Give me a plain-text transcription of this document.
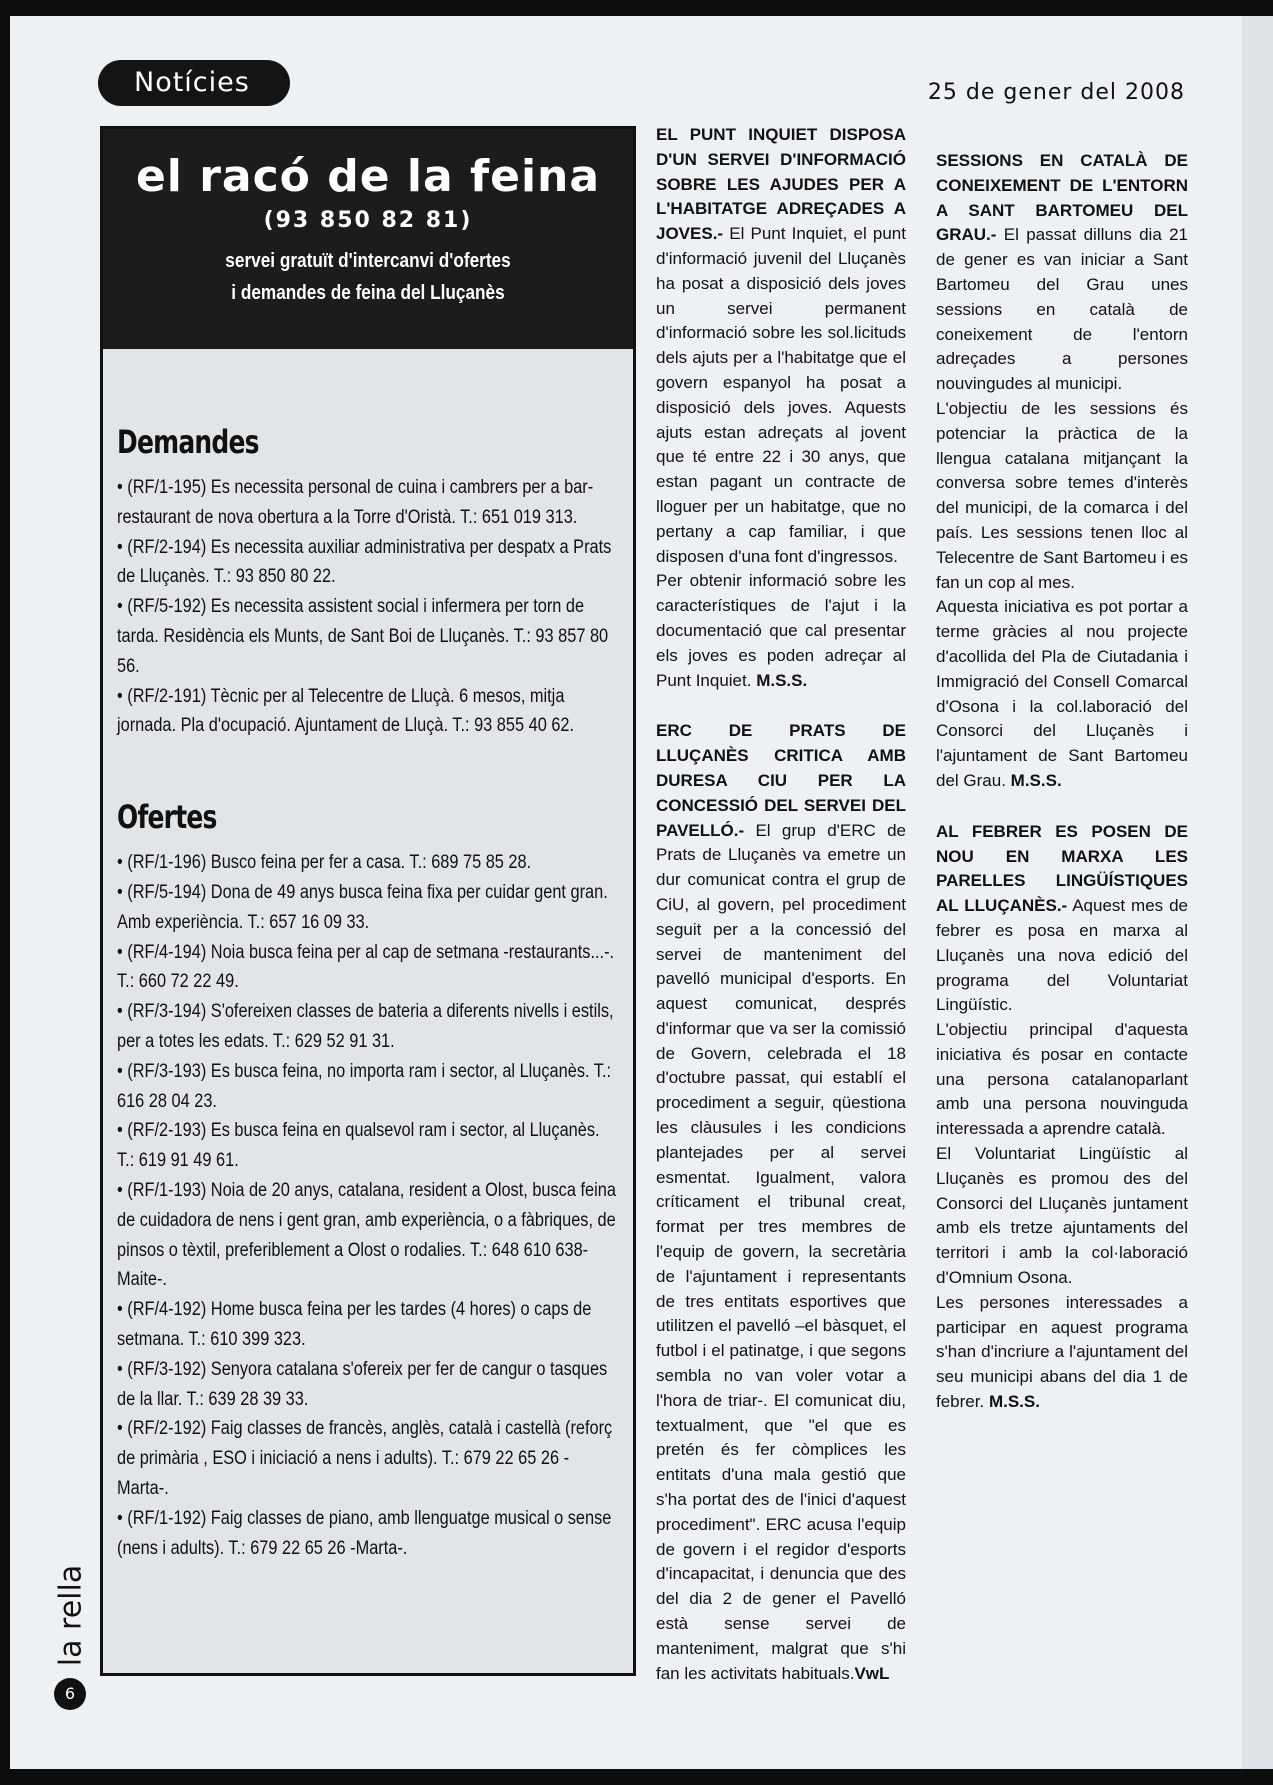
Notícies	25 de gener del 2008
el racó de la feina
(93 850 82 81)
servei gratuït d'intercanvi d'ofertes
i demandes de feina del Lluçanès
Demandes

• (RF/1-195) Es necessita personal de cuina i cambrers per a bar-restaurant de nova obertura a la Torre d'Oristà. T.: 651 019 313.

• (RF/2-194) Es necessita auxiliar administrativa per despatx a Prats de Lluçanès. T.: 93 850 80 22.

• (RF/5-192) Es necessita assistent social i infermera per torn de tarda. Residència els Munts, de Sant Boi de Lluçanès. T.: 93 857 80 56.

• (RF/2-191) Tècnic per al Telecentre de Lluçà. 6 mesos, mitja jornada. Pla d'ocupació. Ajuntament de Lluçà. T.: 93 855 40 62.

Ofertes

• (RF/1-196) Busco feina per fer a casa. T.: 689 75 85 28.

• (RF/5-194) Dona de 49 anys busca feina fixa per cuidar gent gran. Amb experiència. T.: 657 16 09 33.

• (RF/4-194) Noia busca feina per al cap de setmana -restaurants...-. T.: 660 72 22 49.

• (RF/3-194) S'ofereixen classes de bateria a diferents nivells i estils, per a totes les edats. T.: 629 52 91 31.

• (RF/3-193) Es busca feina, no importa ram i sector, al Lluçanès. T.: 616 28 04 23.

• (RF/2-193) Es busca feina en qualsevol ram i sector, al Lluçanès. T.: 619 91 49 61.

• (RF/1-193) Noia de 20 anys, catalana, resident a Olost, busca feina de cuidadora de nens i gent gran, amb experiència, o a fàbriques, de pinsos o tèxtil, preferiblement a Olost o rodalies. T.: 648 610 638-Maite-.

• (RF/4-192) Home busca feina per les tardes (4 hores) o caps de setmana. T.: 610 399 323.

• (RF/3-192) Senyora catalana s'ofereix per fer de cangur o tasques de la llar. T.: 639 28 39 33.

• (RF/2-192) Faig classes de francès, anglès, català i castellà (reforç de primària , ESO i iniciació a nens i adults). T.: 679 22 65 26 -Marta-.

• (RF/1-192) Faig classes de piano, amb llenguatge musical o sense (nens i adults). T.: 679 22 65 26 -Marta-.

EL PUNT INQUIET DISPOSA D'UN SERVEI D'INFORMACIÓ SOBRE LES AJUDES PER A L'HABITATGE ADREÇADES A JOVES.- El Punt Inquiet, el punt d'informació juvenil del Lluçanès ha posat a disposició dels joves un servei permanent d'informació sobre les sol.licituds dels ajuts per a l'habitatge que el govern espanyol ha posat a disposició dels joves. Aquests ajuts estan adreçats al jovent que té entre 22 i 30 anys, que estan pagant un contracte de lloguer per un habitatge, que no pertany a cap familiar, i que disposen d'una font d'ingressos.

Per obtenir informació sobre les característiques de l'ajut i la documentació que cal presentar els joves es poden adreçar al Punt Inquiet. M.S.S.

ERC DE PRATS DE LLUÇANÈS CRITICA AMB DURESA CIU PER LA CONCESSIÓ DEL SERVEI DEL PAVELLÓ.- El grup d'ERC de Prats de Lluçanès va emetre un dur comunicat contra el grup de CiU, al govern, pel procediment seguit per a la concessió del servei de manteniment del pavelló municipal d'esports. En aquest comunicat, després d'informar que va ser la comissió de Govern, celebrada el 18 d'octubre passat, qui establí el procediment a seguir, qüestiona les clàusules i les condicions plantejades per al servei esmentat. Igualment, valora críticament el tribunal creat, format per tres membres de l'equip de govern, la secretària de l'ajuntament i representants de tres entitats esportives que utilitzen el pavelló –el bàsquet, el futbol i el patinatge, i que segons sembla no van voler votar a l'hora de triar-. El comunicat diu, textualment, que "el que es pretén és fer còmplices les entitats d'una mala gestió que s'ha portat des de l'inici d'aquest procediment". ERC acusa l'equip de govern i el regidor d'esports d'incapacitat, i denuncia que des del dia 2 de gener el Pavelló està sense servei de manteniment, malgrat que s'hi fan les activitats habituals.VwL

SESSIONS EN CATALÀ DE CONEIXEMENT DE L'ENTORN A SANT BARTOMEU DEL GRAU.- El passat dilluns dia 21 de gener es van iniciar a Sant Bartomeu del Grau unes sessions en català de coneixement de l'entorn adreçades a persones nouvingudes al municipi.

L'objectiu de les sessions és potenciar la pràctica de la llengua catalana mitjançant la conversa sobre temes d'interès del municipi, de la comarca i del país. Les sessions tenen lloc al Telecentre de Sant Bartomeu i es fan un cop al mes.

Aquesta iniciativa es pot portar a terme gràcies al nou projecte d'acollida del Pla de Ciutadania i Immigració del Consell Comarcal d'Osona i la col.laboració del Consorci del Lluçanès i l'ajuntament de Sant Bartomeu del Grau. M.S.S.

AL FEBRER ES POSEN DE NOU EN MARXA LES PARELLES LINGÜÍSTIQUES AL LLUÇANÈS.- Aquest mes de febrer es posa en marxa al Lluçanès una nova edició del programa del Voluntariat Lingüístic.

L'objectiu principal d'aquesta iniciativa és posar en contacte una persona catalanoparlant amb una persona nouvinguda interessada a aprendre català.

El Voluntariat Lingüístic al Lluçanès es promou des del Consorci del Lluçanès juntament amb els tretze ajuntaments del territori i amb la col·laboració d'Omnium Osona.

Les persones interessades a participar en aquest programa s'han d'incriure a l'ajuntament del seu municipi abans del dia 1 de febrer. M.S.S.

la rella
6
